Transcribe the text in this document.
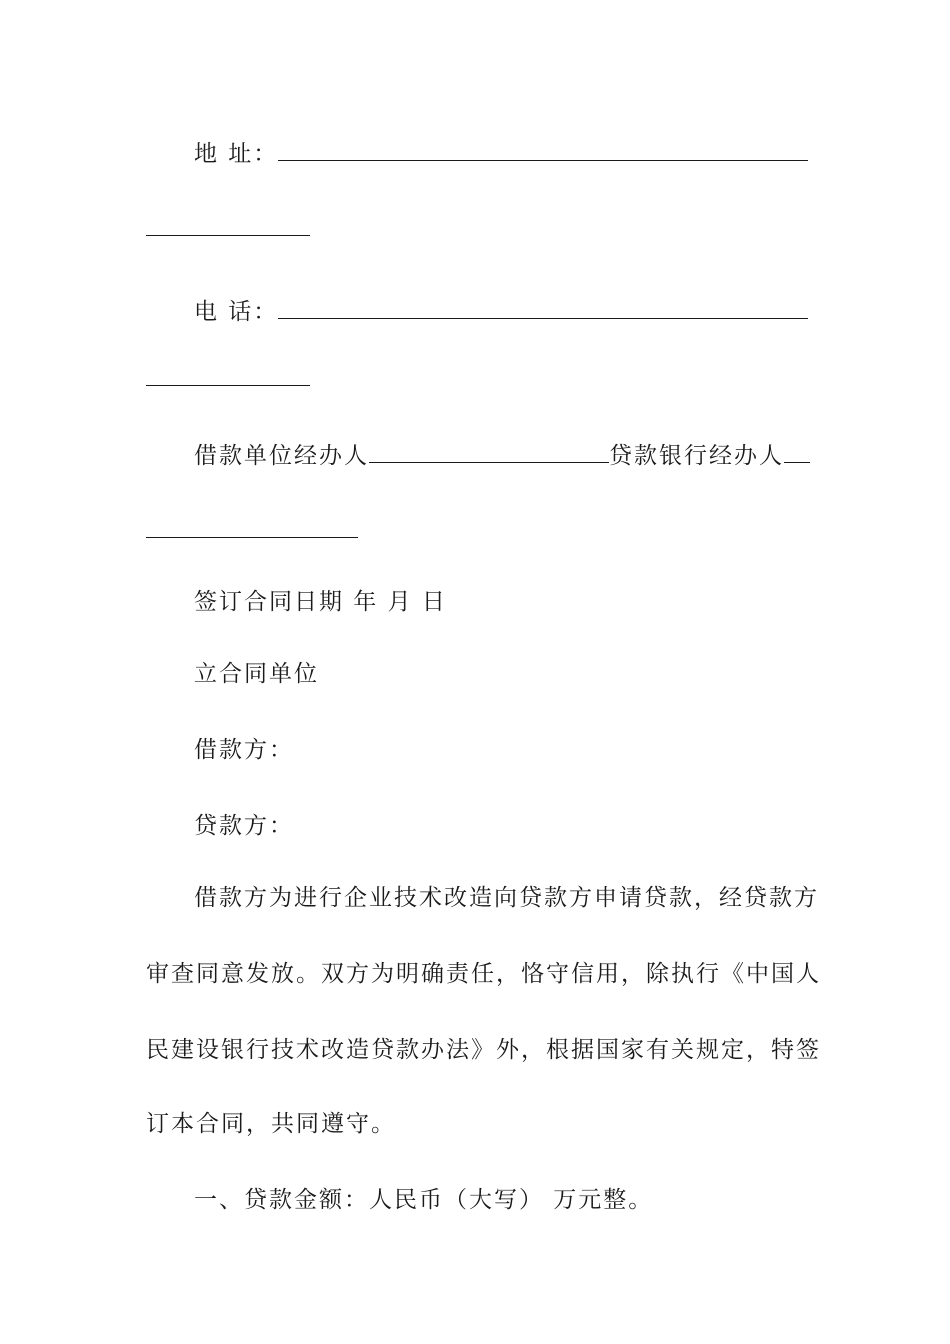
地 址：
电 话：
借款单位经办人	贷款银行经办人
签订合同日期 年 月 日
立合同单位
借款方：
贷款方：
借款方为进行企业技术改造向贷款方申请贷款，经贷款方
审查同意发放。双方为明确责任，恪守信用，除执行《中国人
民建设银行技术改造贷款办法》外，根据国家有关规定，特签
订本合同，共同遵守。
一、贷款金额：人民币（大写） 万元整。
